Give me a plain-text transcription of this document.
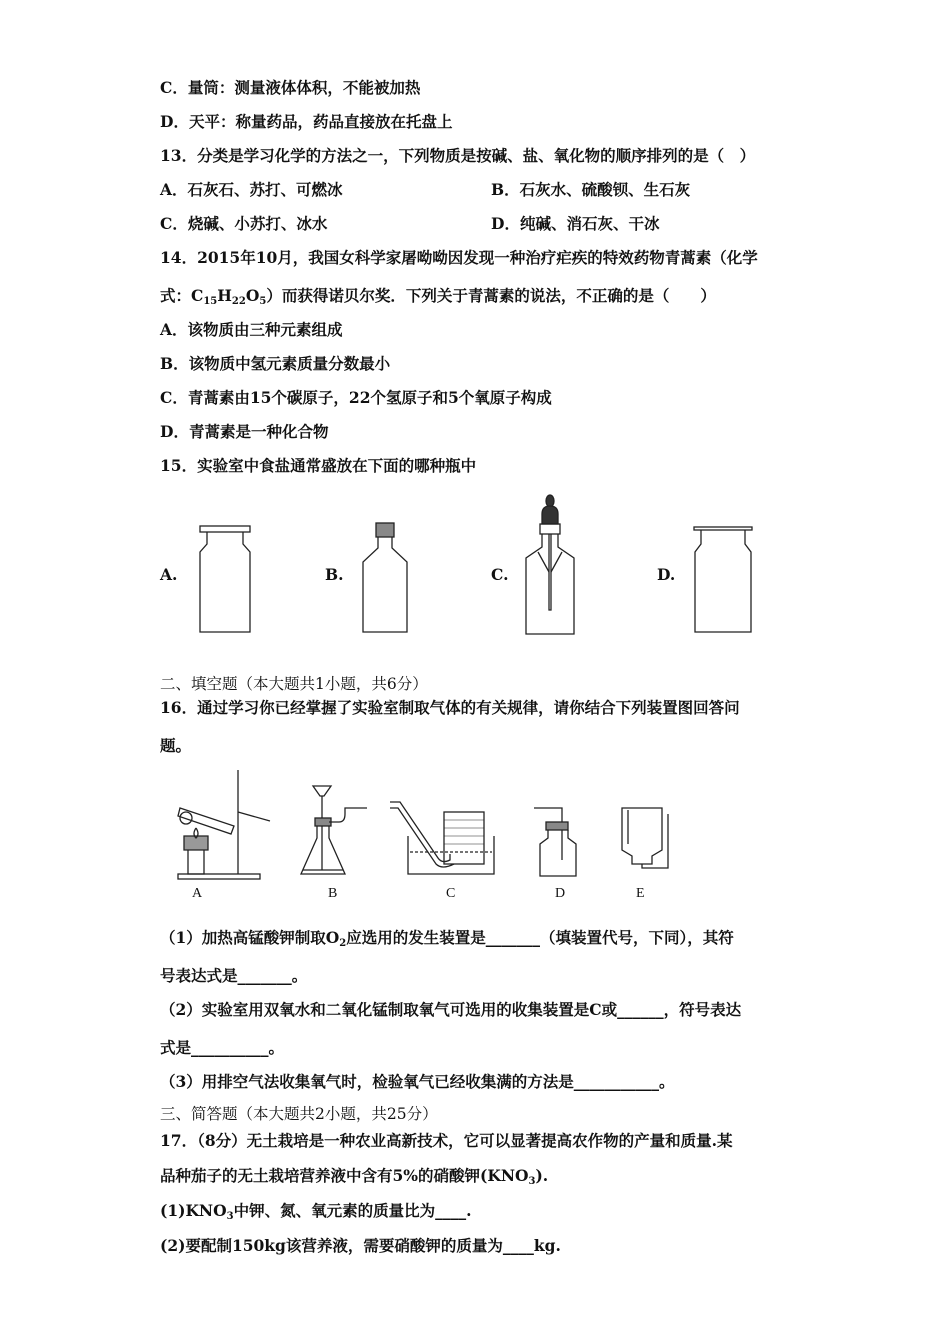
C．量筒：测量液体体积，不能被加热
D．天平：称量药品，药品直接放在托盘上
13．分类是学习化学的方法之一，下列物质是按碱、盐、氧化物的顺序排列的是（　）
A．石灰石、苏打、可燃冰	B．石灰水、硫酸钡、生石灰
C．烧碱、小苏打、冰水	D．纯碱、消石灰、干冰
14．2015年10月，我国女科学家屠呦呦因发现一种治疗疟疾的特效药物青蒿素（化学
式：$C_{15}H_{22}O_5$）而获得诺贝尔奖．下列关于青蒿素的说法，不正确的是（　　）
A．该物质由三种元素组成
B．该物质中氢元素质量分数最小
C．青蒿素由15个碳原子，22个氢原子和5个氧原子构成
D．青蒿素是一种化合物
15．实验室中食盐通常盛放在下面的哪种瓶中
A.	B.	C.	D.
二、填空题（本大题共1小题，共6分）
16．通过学习你已经掌握了实验室制取气体的有关规律，请你结合下列装置图回答问
题。
A	B	C	D	E
（1）加热高锰酸钾制取$O_2$应选用的发生装置是_______（填装置代号，下同），其符
号表达式是_______。
（2）实验室用双氧水和二氧化锰制取氧气可选用的收集装置是C或______，符号表达
式是__________。
（3）用排空气法收集氧气时，检验氧气已经收集满的方法是___________。
三、简答题（本大题共2小题，共25分）
17．（8分）无土栽培是一种农业高新技术，它可以显著提高农作物的产量和质量.某
品种茄子的无土栽培营养液中含有5%的硝酸钾$(KNO_3)$.
$(1)KNO_3$中钾、氮、氧元素的质量比为____.
(2)要配制150kg该营养液，需要硝酸钾的质量为____kg.
